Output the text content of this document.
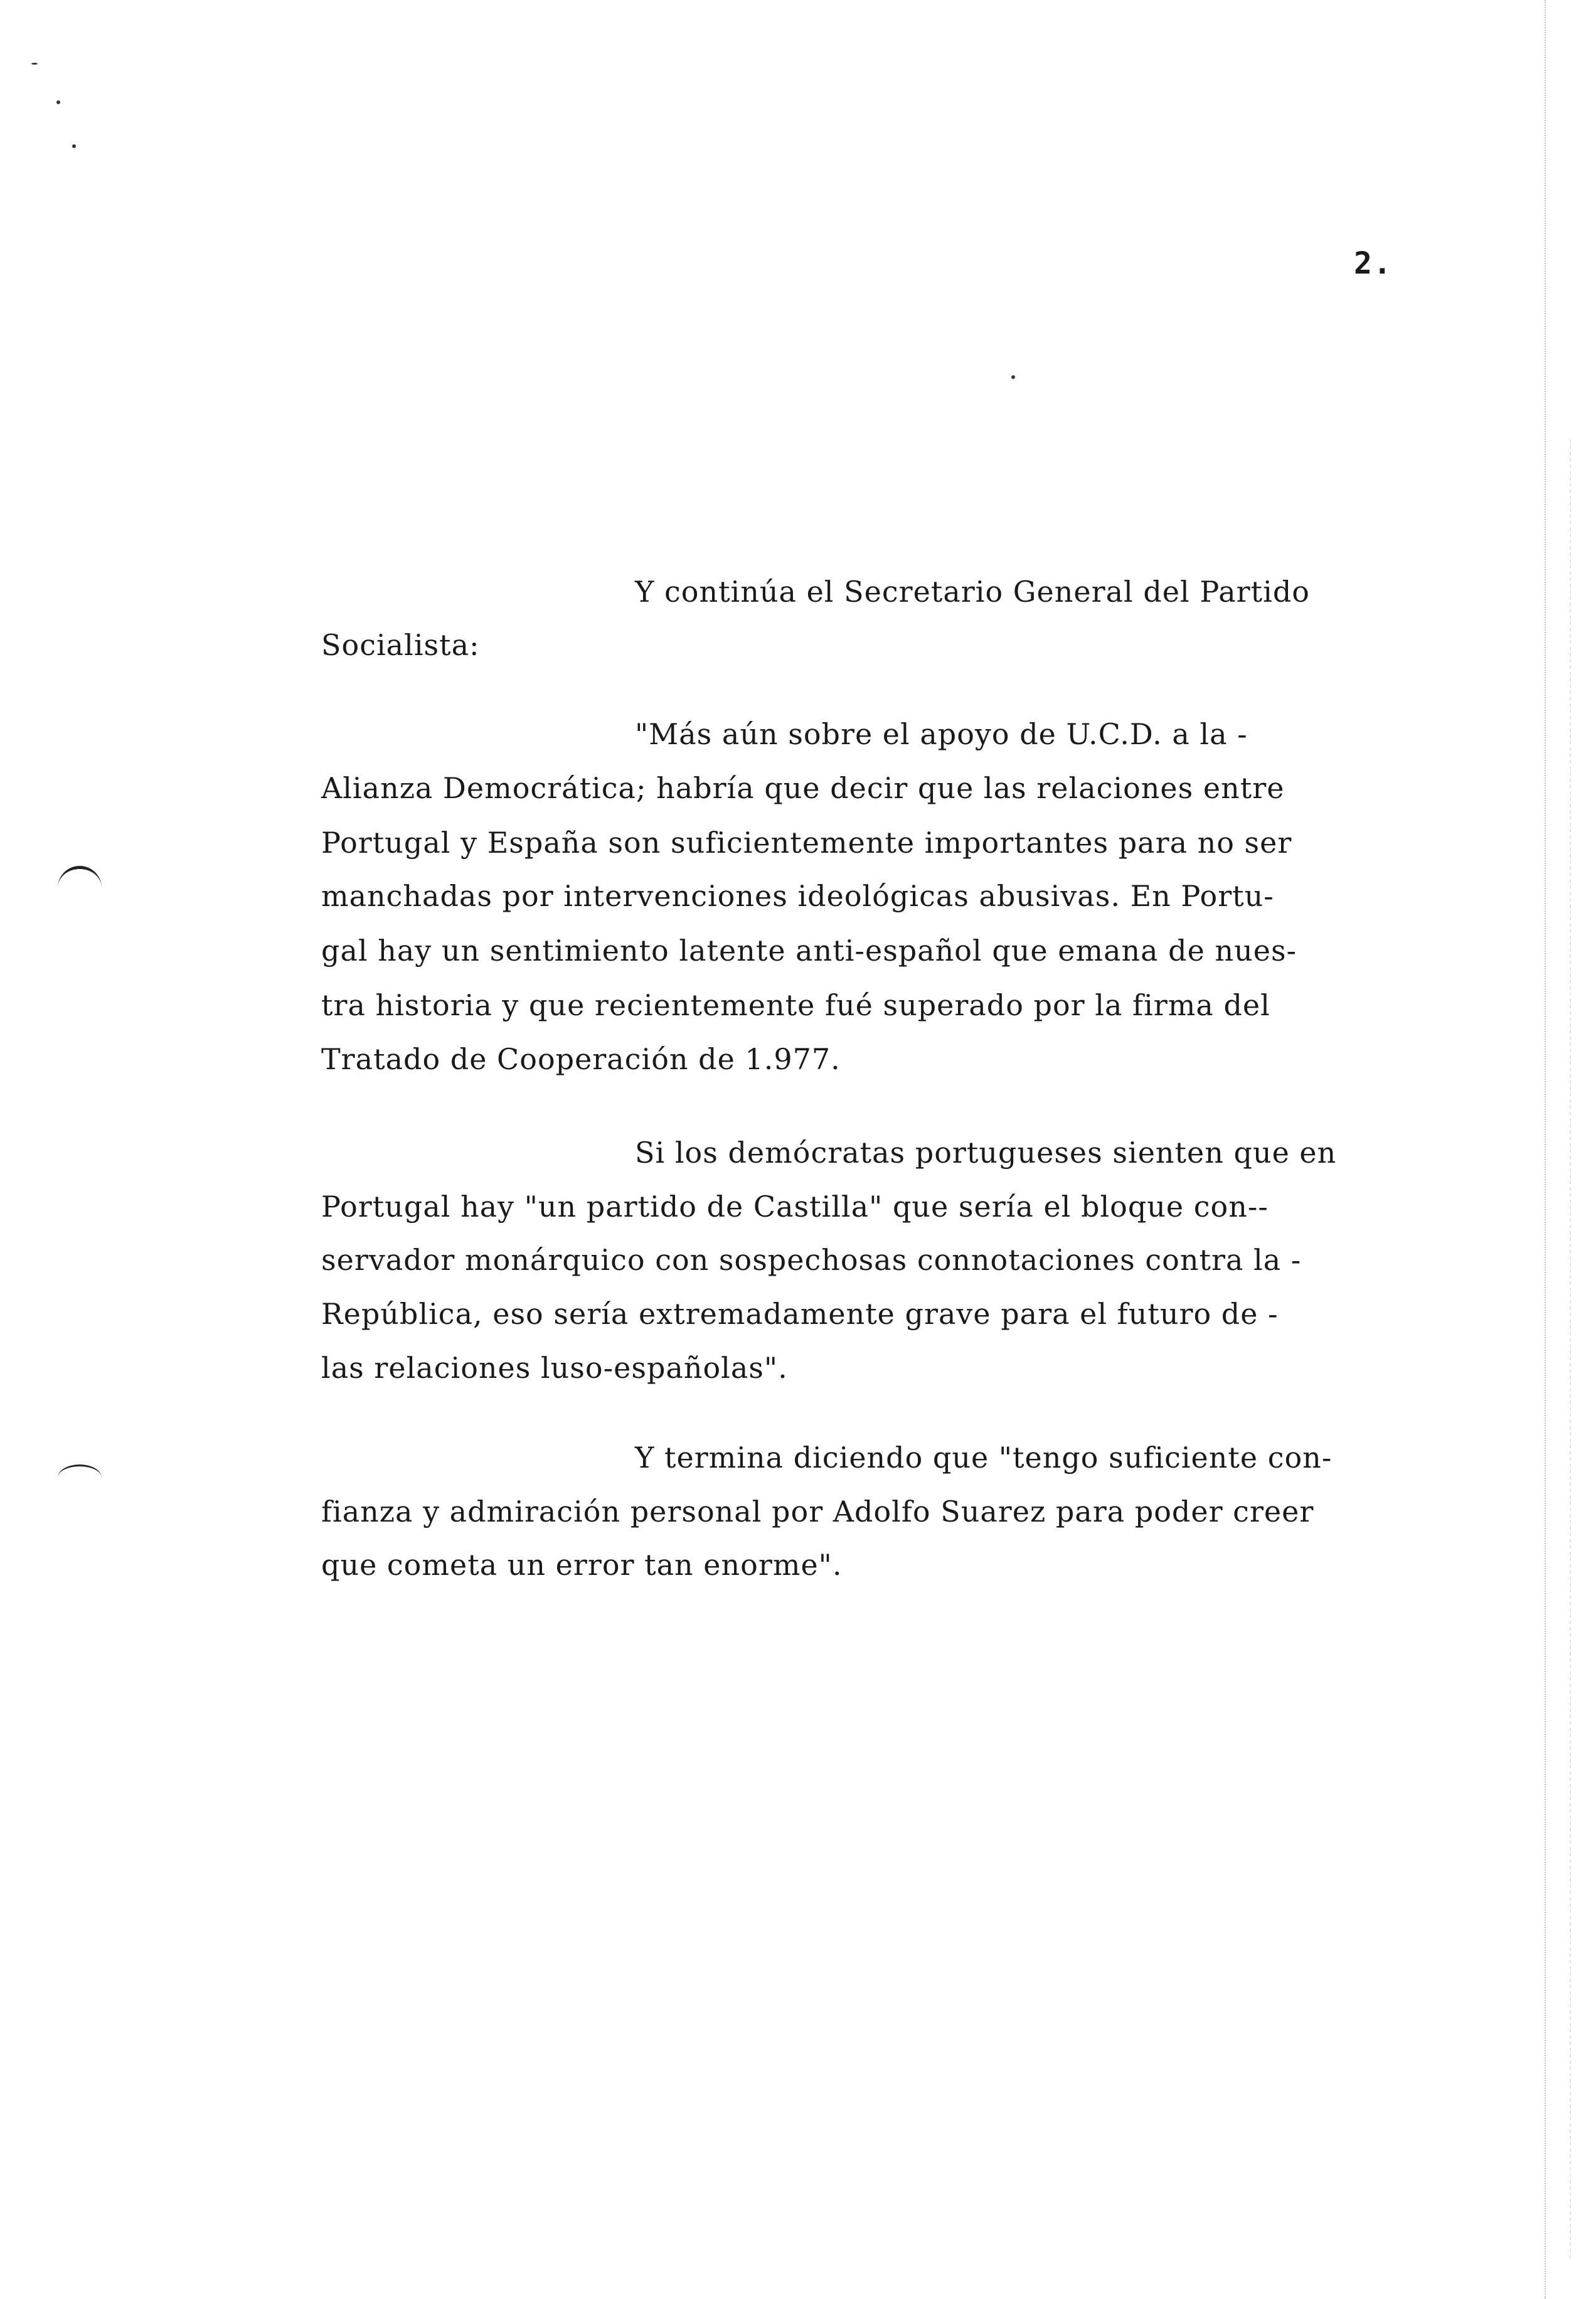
2.
Y continúa el Secretario General del Partido
Socialista:
"Más aún sobre el apoyo de U.C.D. a la -
Alianza Democrática; habría que decir que las relaciones entre
Portugal y España son suficientemente importantes para no ser
manchadas por intervenciones ideológicas abusivas. En Portu-
gal hay un sentimiento latente anti-español que emana de nues-
tra historia y que recientemente fué superado por la firma del
Tratado de Cooperación de 1.977.
Si los demócratas portugueses sienten que en
Portugal hay "un partido de Castilla" que sería el bloque con--
servador monárquico con sospechosas connotaciones contra la -
República, eso sería extremadamente grave para el futuro de -
las relaciones luso-españolas".
Y termina diciendo que "tengo suficiente con-
fianza y admiración personal por Adolfo Suarez para poder creer
que cometa un error tan enorme".
